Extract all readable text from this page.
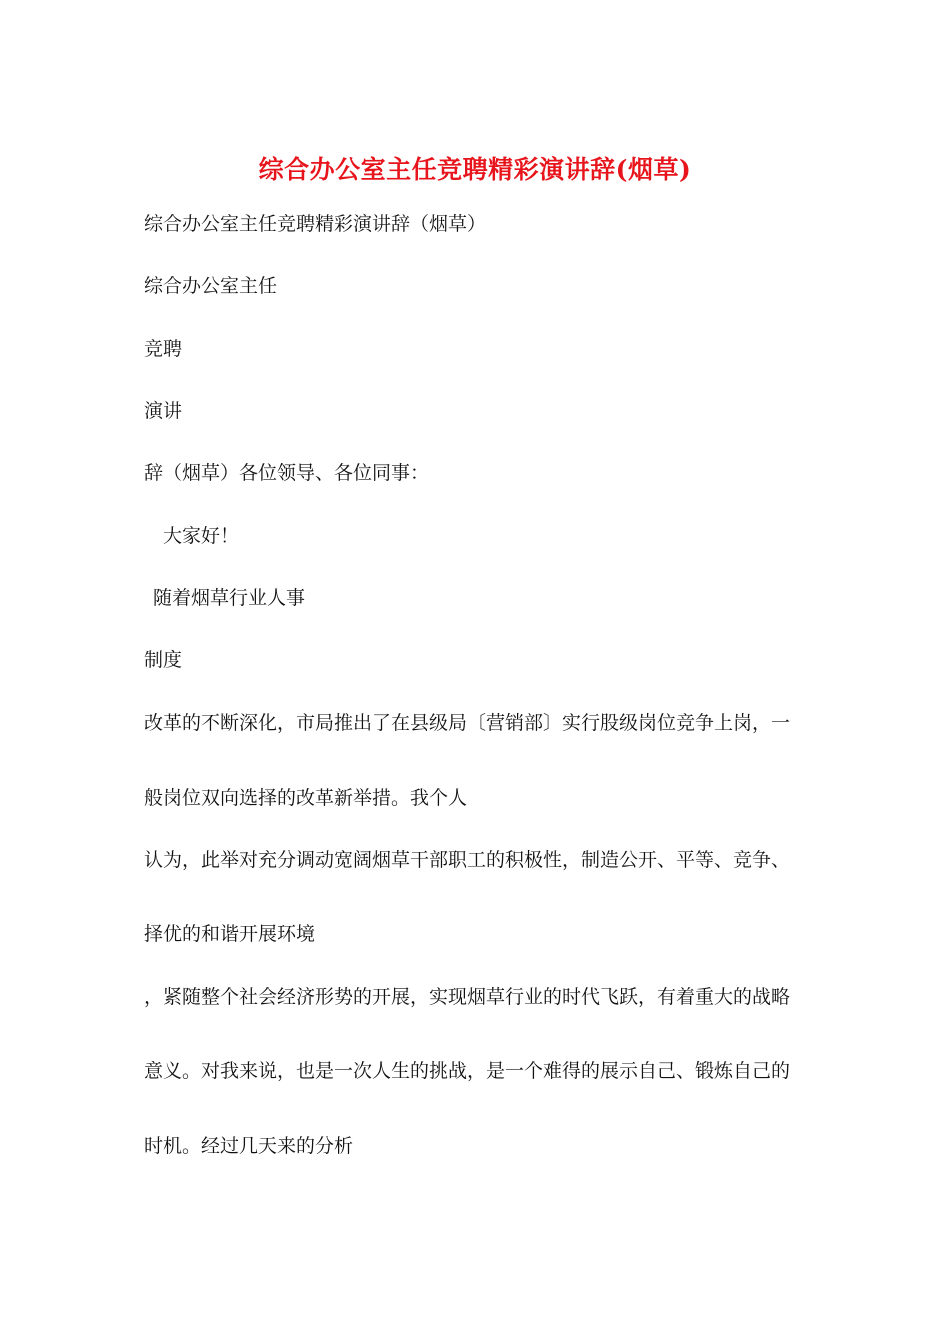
综合办公室主任竞聘精彩演讲辞(烟草)
综合办公室主任竞聘精彩演讲辞（烟草）
综合办公室主任
竞聘
演讲
辞（烟草）各位领导、各位同事：
　大家好！
随着烟草行业人事
制度
改革的不断深化，市局推出了在县级局〔营销部〕实行股级岗位竞争上岗，一
般岗位双向选择的改革新举措。我个人
认为，此举对充分调动宽阔烟草干部职工的积极性，制造公开、平等、竞争、
择优的和谐开展环境
，紧随整个社会经济形势的开展，实现烟草行业的时代飞跃，有着重大的战略
意义。对我来说，也是一次人生的挑战，是一个难得的展示自己、锻炼自己的
时机。经过几天来的分析
